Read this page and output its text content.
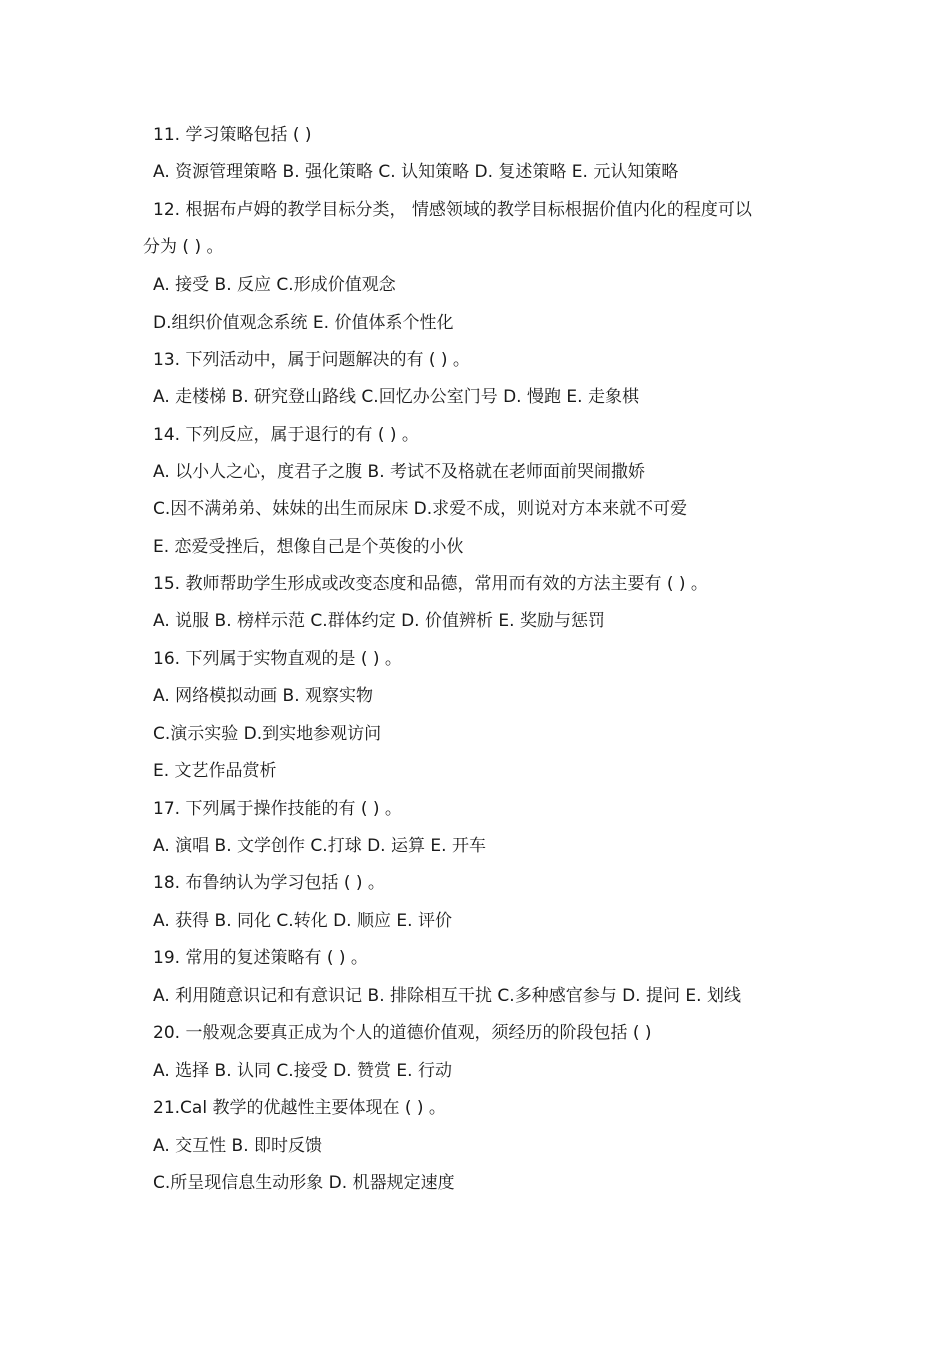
11. 学习策略包括 ( )
A. 资源管理策略 B. 强化策略 C. 认知策略 D. 复述策略 E. 元认知策略
12. 根据布卢姆的教学目标分类， 情感领域的教学目标根据价值内化的程度可以
分为 ( ) 。
A. 接受 B. 反应 C.形成价值观念
D.组织价值观念系统 E. 价值体系个性化
13. 下列活动中，属于问题解决的有 ( ) 。
A. 走楼梯 B. 研究登山路线 C.回忆办公室门号 D. 慢跑 E. 走象棋
14. 下列反应，属于退行的有 ( ) 。
A. 以小人之心，度君子之腹 B. 考试不及格就在老师面前哭闹撒娇
C.因不满弟弟、妹妹的出生而尿床 D.求爱不成，则说对方本来就不可爱
E. 恋爱受挫后，想像自己是个英俊的小伙
15. 教师帮助学生形成或改变态度和品德，常用而有效的方法主要有 ( ) 。
A. 说服 B. 榜样示范 C.群体约定 D. 价值辨析 E. 奖励与惩罚
16. 下列属于实物直观的是 ( ) 。
A. 网络模拟动画 B. 观察实物
C.演示实验 D.到实地参观访问
E. 文艺作品赏析
17. 下列属于操作技能的有 ( ) 。
A. 演唱 B. 文学创作 C.打球 D. 运算 E. 开车
18. 布鲁纳认为学习包括 ( ) 。
A. 获得 B. 同化 C.转化 D. 顺应 E. 评价
19. 常用的复述策略有 ( ) 。
A. 利用随意识记和有意识记 B. 排除相互干扰 C.多种感官参与 D. 提问 E. 划线
20. 一般观念要真正成为个人的道德价值观，须经历的阶段包括 ( )
A. 选择 B. 认同 C.接受 D. 赞赏 E. 行动
21.Cal 教学的优越性主要体现在 ( ) 。
A. 交互性 B. 即时反馈
C.所呈现信息生动形象 D. 机器规定速度
